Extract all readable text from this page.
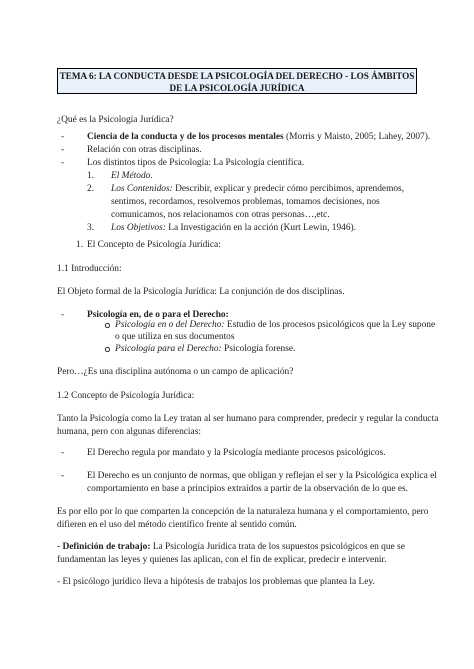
TEMA 6: LA CONDUCTA DESDE LA PSICOLOGÍA DEL DERECHO - LOS ÁMBITOS
DE LA PSICOLOGÍA JURÍDICA

¿Qué es la Psicología Jurídica?

- Ciencia de la conducta y de los procesos mentales (Morris y Maisto, 2005; Lahey, 2007).

- Relación con otras disciplinas.

- Los distintos tipos de Psicología: La Psicología científica.

1. El Método.

2. Los Contenidos: Describir, explicar y predecir cómo percibimos, aprendemos,

sentimos, recordamos, resolvemos problemas, tomamos decisiones, nos

comunicamos, nos relacionamos con otras personas…,etc.

3. Los Objetivos: La Investigación en la acción (Kurt Lewin, 1946).

1. El Concepto de Psicología Jurídica:

1.1 Introducción:

El Objeto formal de la Psicología Jurídica: La conjunción de dos disciplinas.

- Psicología en, de o para el Derecho:

Psicología en o del Derecho: Estudio de los procesos psicológicos que la Ley supone

o que utiliza en sus documentos

Psicología para el Derecho: Psicología forense.

Pero…¿Es una disciplina autónoma o un campo de aplicación?

1.2 Concepto de Psicología Jurídica:

Tanto la Psicología como la Ley tratan al ser humano para comprender, predecir y regular la conducta

humana, pero con algunas diferencias:

- El Derecho regula por mandato y la Psicología mediante procesos psicológicos.

- El Derecho es un conjunto de normas, que obligan y reflejan el ser y la Psicológica explica el

comportamiento en base a principios extraídos a partir de la observación de lo que es.

Es por ello por lo que comparten la concepción de la naturaleza humana y el comportamiento, pero

difieren en el uso del método científico frente al sentido común.

- Definición de trabajo: La Psicología Jurídica trata de los supuestos psicológicos en que se

fundamentan las leyes y quienes las aplican, con el fin de explicar, predecir e intervenir.

- El psicólogo jurídico lleva a hipótesis de trabajos los problemas que plantea la Ley.
